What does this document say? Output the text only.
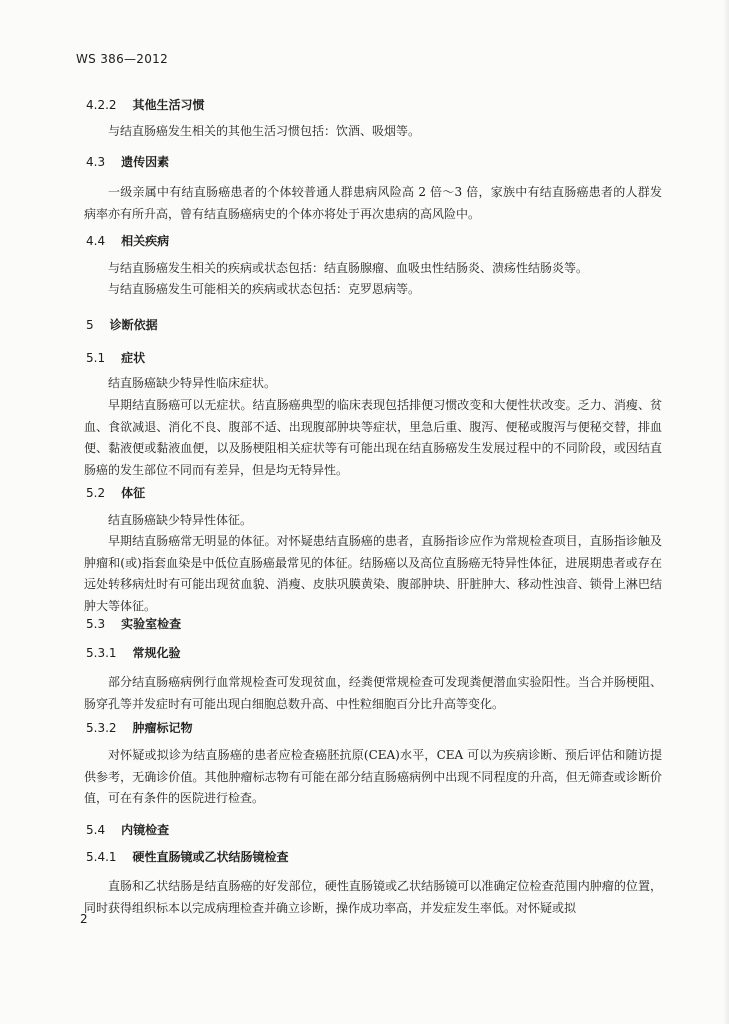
WS 386—2012
4.2.2 其他生活习惯
与结直肠癌发生相关的其他生活习惯包括：饮酒、吸烟等。
4.3 遗传因素
一级亲属中有结直肠癌患者的个体较普通人群患病风险高 2 倍～3 倍，家族中有结直肠癌患者的人群发病率亦有所升高，曾有结直肠癌病史的个体亦将处于再次患病的高风险中。
4.4 相关疾病
与结直肠癌发生相关的疾病或状态包括：结直肠腺瘤、血吸虫性结肠炎、溃疡性结肠炎等。
与结直肠癌发生可能相关的疾病或状态包括：克罗恩病等。
5 诊断依据
5.1 症状
结直肠癌缺少特异性临床症状。
早期结直肠癌可以无症状。结直肠癌典型的临床表现包括排便习惯改变和大便性状改变。乏力、消瘦、贫血、食欲减退、消化不良、腹部不适、出现腹部肿块等症状，里急后重、腹泻、便秘或腹泻与便秘交替，排血便、黏液便或黏液血便，以及肠梗阻相关症状等有可能出现在结直肠癌发生发展过程中的不同阶段，或因结直肠癌的发生部位不同而有差异，但是均无特异性。
5.2 体征
结直肠癌缺少特异性体征。
早期结直肠癌常无明显的体征。对怀疑患结直肠癌的患者，直肠指诊应作为常规检查项目，直肠指诊触及肿瘤和(或)指套血染是中低位直肠癌最常见的体征。结肠癌以及高位直肠癌无特异性体征，进展期患者或存在远处转移病灶时有可能出现贫血貌、消瘦、皮肤巩膜黄染、腹部肿块、肝脏肿大、移动性浊音、锁骨上淋巴结肿大等体征。
5.3 实验室检查
5.3.1 常规化验
部分结直肠癌病例行血常规检查可发现贫血，经粪便常规检查可发现粪便潜血实验阳性。当合并肠梗阻、肠穿孔等并发症时有可能出现白细胞总数升高、中性粒细胞百分比升高等变化。
5.3.2 肿瘤标记物
对怀疑或拟诊为结直肠癌的患者应检查癌胚抗原(CEA)水平，CEA 可以为疾病诊断、预后评估和随访提供参考，无确诊价值。其他肿瘤标志物有可能在部分结直肠癌病例中出现不同程度的升高，但无筛查或诊断价值，可在有条件的医院进行检查。
5.4 内镜检查
5.4.1 硬性直肠镜或乙状结肠镜检查
直肠和乙状结肠是结直肠癌的好发部位，硬性直肠镜或乙状结肠镜可以准确定位检查范围内肿瘤的位置，同时获得组织标本以完成病理检查并确立诊断，操作成功率高，并发症发生率低。对怀疑或拟
2
